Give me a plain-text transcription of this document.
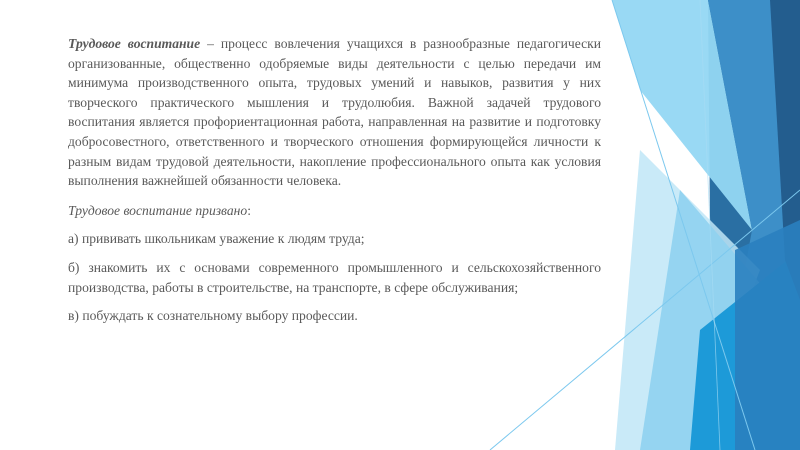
Трудовое воспитание – процесс вовлечения учащихся в разнообразные педагогически организованные, общественно одобряемые виды деятельности с целью передачи им минимума производственного опыта, трудовых умений и навыков, развития у них творческого практического мышления и трудолюбия. Важной задачей трудового воспитания является профориентационная работа, направленная на развитие и подготовку добросовестного, ответственного и творческого отношения формирующейся личности к разным видам трудовой деятельности, накопление профессионального опыта как условия выполнения важнейшей обязанности человека.

Трудовое воспитание призвано:

а) прививать школьникам уважение к людям труда;

б) знакомить их с основами современного промышленного и сельскохозяйственного производства, работы в строительстве, на транспорте, в сфере обслуживания;

в) побуждать к сознательному выбору профессии.
